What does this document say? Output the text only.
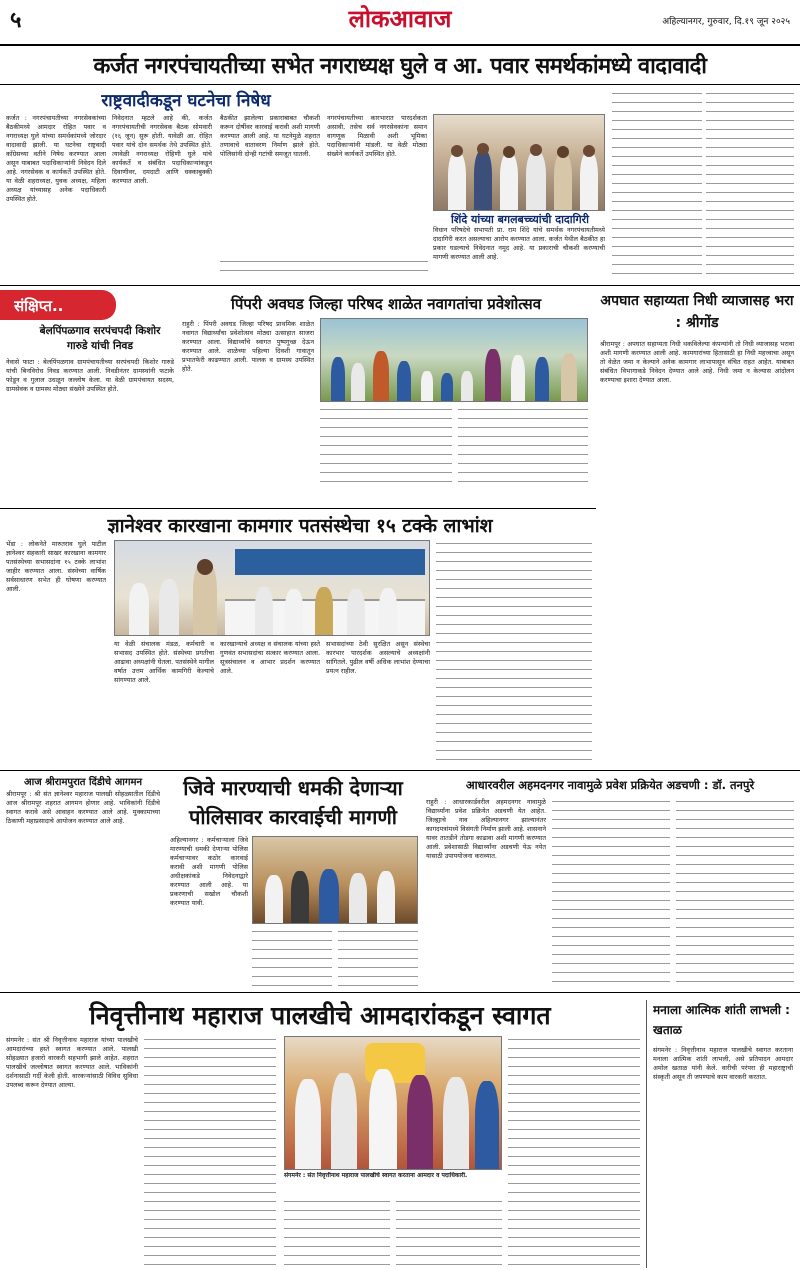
५	लोकआवाज	अहिल्यानगर, गुरुवार, दि.१९ जून २०२५
कर्जत नगरपंचायतीच्या सभेत नगराध्यक्ष घुले व आ. पवार समर्थकांमध्ये वादावादी
राष्ट्रवादीकडून घटनेचा निषेध
कर्जत : नगरपंचायतीच्या नगरसेवकांच्या बैठकीमध्ये आमदार रोहित पवार व नगराध्यक्ष घुले यांच्या समर्थकांमध्ये जोरदार वादावादी झाली. या घटनेचा राष्ट्रवादी काँग्रेसच्या वतीने निषेध करण्यात आला असून याबाबत पदाधिकाऱ्यांनी निवेदन दिले आहे. नगरसेवक व कार्यकर्ते उपस्थित होते. या वेळी शहराध्यक्ष, युवक अध्यक्ष, महिला अध्यक्ष यांच्यासह अनेक पदाधिकारी उपस्थित होते.
निवेदनात म्हटले आहे की, कर्जत नगरपंचायतीची नगरसेवक बैठक सोमवारी (१६ जून) सुरू होती. यावेळी आ. रोहित पवार यांचे दोन समर्थक तेथे उपस्थित होते. त्यावेळी नगराध्यक्ष रोहिणी घुले यांचे कार्यकर्ते व संबंधित पदाधिकाऱ्यांकडून दिवाणीवर, दमदाटी आणि धक्काबुक्की करण्यात आली.
बैठकीत झालेल्या प्रकाराबाबत चौकशी करून दोषींवर कारवाई करावी अशी मागणी करण्यात आली आहे. या घटनेमुळे शहरात तणावाचे वातावरण निर्माण झाले होते. पोलिसांनी दोन्ही गटांची समजूत घातली.
नगरपंचायतीच्या कारभारात पारदर्शकता असावी, तसेच सर्व नगरसेवकांना समान वागणूक मिळावी अशी भूमिका पदाधिकाऱ्यांनी मांडली. या वेळी मोठ्या संख्येने कार्यकर्ते उपस्थित होते.
शिंदे यांच्या बगलबच्च्यांची दादागिरी
विधान परिषदेचे सभापती प्रा. राम शिंदे यांचे समर्थक नगरपंचायतीमध्ये दादागिरी करत असल्याचा आरोप करण्यात आला. कर्जत येथील बैठकीत हा प्रकार घडल्याचे निवेदनात नमूद आहे. या प्रकाराची चौकशी करण्याची मागणी करण्यात आली आहे.
संक्षिप्त..
बेलपिंपळगाव सरपंचपदी किशोर गारुडे यांची निवड
नेवासे फाटा : बेलपिंपळगाव ग्रामपंचायतीच्या सरपंचपदी किशोर गारुडे यांची बिनविरोध निवड करण्यात आली. निवडीनंतर ग्रामस्थांनी फटाके फोडून व गुलाल उधळून जल्लोष केला. या वेळी ग्रामपंचायत सदस्य, ग्रामसेवक व ग्रामस्थ मोठ्या संख्येने उपस्थित होते.
पिंपरी अवघड जिल्हा परिषद शाळेत नवागतांचा प्रवेशोत्सव
राहुरी : पिंपरी अवघड जिल्हा परिषद प्राथमिक शाळेत नवागत विद्यार्थ्यांचा प्रवेशोत्सव मोठ्या उत्साहात साजरा करण्यात आला. विद्यार्थ्यांचे स्वागत पुष्पगुच्छ देऊन करण्यात आले. शाळेच्या पहिल्या दिवशी गावातून प्रभातफेरी काढण्यात आली. पालक व ग्रामस्थ उपस्थित होते.
अपघात सहाय्यता निधी व्याजासह भरा : श्रीगोंड
श्रीरामपूर : अपघात सहाय्यता निधी थकविलेल्या कंपन्यांनी तो निधी व्याजासह भरावा अशी मागणी करण्यात आली आहे. कामगारांच्या हितासाठी हा निधी महत्त्वाचा असून तो वेळेत जमा न केल्याने अनेक कामगार लाभापासून वंचित राहत आहेत. याबाबत संबंधित विभागाकडे निवेदन देण्यात आले आहे. निधी जमा न केल्यास आंदोलन करण्याचा इशारा देण्यात आला.
ज्ञानेश्वर कारखाना कामगार पतसंस्थेचा १५ टक्के लाभांश
भेंडा : लोकनेते मारुतराव घुले पाटील ज्ञानेश्वर सहकारी साखर कारखाना कामगार पतसंस्थेच्या सभासदांना १५ टक्के लाभांश जाहीर करण्यात आला. संस्थेच्या वार्षिक सर्वसाधारण सभेत ही घोषणा करण्यात आली.
या वेळी संचालक मंडळ, कर्मचारी व सभासद उपस्थित होते. संस्थेच्या प्रगतीचा आढावा अध्यक्षांनी घेतला. पतसंस्थेने मागील वर्षात उत्तम आर्थिक कामगिरी केल्याचे सांगण्यात आले.
कारखान्याचे अध्यक्ष व संचालक यांच्या हस्ते गुणवंत सभासदांचा सत्कार करण्यात आला. सूत्रसंचालन व आभार प्रदर्शन करण्यात आले.
सभासदांच्या ठेवी सुरक्षित असून संस्थेचा कारभार पारदर्शक असल्याचे अध्यक्षांनी सांगितले. पुढील वर्षी अधिक लाभांश देण्याचा प्रयत्न राहील.
आज श्रीरामपुरात दिंडीचे आगमन
श्रीरामपूर : श्री संत ज्ञानेश्वर महाराज पालखी सोहळ्यातील दिंडीचे आज श्रीरामपूर शहरात आगमन होणार आहे. भाविकांनी दिंडीचे स्वागत करावे असे आवाहन करण्यात आले आहे. मुक्कामाच्या ठिकाणी महाप्रसादाचे आयोजन करण्यात आले आहे.
जिवे मारण्याची धमकी देणाऱ्या पोलिसावर कारवाईची मागणी
अहिल्यानगर : कर्मचाऱ्याला जिवे मारण्याची धमकी देणाऱ्या पोलिस कर्मचाऱ्यावर कठोर कारवाई करावी अशी मागणी पोलिस अधीक्षकांकडे निवेदनाद्वारे करण्यात आली आहे. या प्रकरणाची सखोल चौकशी करण्यात यावी.
आधारवरील अहमदनगर नावामुळे प्रवेश प्रक्रियेत अडचणी : डॉ. तनपुरे
राहुरी : आधारकार्डवरील अहमदनगर नावामुळे विद्यार्थ्यांना प्रवेश प्रक्रियेत अडचणी येत आहेत. जिल्ह्याचे नाव अहिल्यानगर झाल्यानंतर कागदपत्रांमध्ये विसंगती निर्माण झाली आहे. शासनाने यावर तातडीने तोडगा काढावा अशी मागणी करण्यात आली. प्रवेशासाठी विद्यार्थ्यांना अडचणी येऊ नयेत यासाठी उपाययोजना कराव्यात.
निवृत्तीनाथ महाराज पालखीचे आमदारांकडून स्वागत
संगमनेर : संत श्री निवृत्तीनाथ महाराज यांच्या पालखीचे आमदारांच्या हस्ते स्वागत करण्यात आले. पालखी सोहळ्यात हजारो वारकरी सहभागी झाले आहेत. शहरात पालखीचे जल्लोषात स्वागत करण्यात आले. भाविकांनी दर्शनासाठी गर्दी केली होती. वारकऱ्यांसाठी विविध सुविधा उपलब्ध करून देण्यात आल्या.
संगमनेर : संत निवृत्तीनाथ महाराज पालखीचे स्वागत करताना आमदार व पदाधिकारी.
मनाला आत्मिक शांती लाभली : खताळ
संगमनेर : निवृत्तीनाथ महाराज पालखीचे स्वागत करताना मनाला आत्मिक शांती लाभली, असे प्रतिपादन आमदार अमोल खताळ यांनी केले. वारीची परंपरा ही महाराष्ट्राची संस्कृती असून ती जपण्याचे काम वारकरी करतात.
